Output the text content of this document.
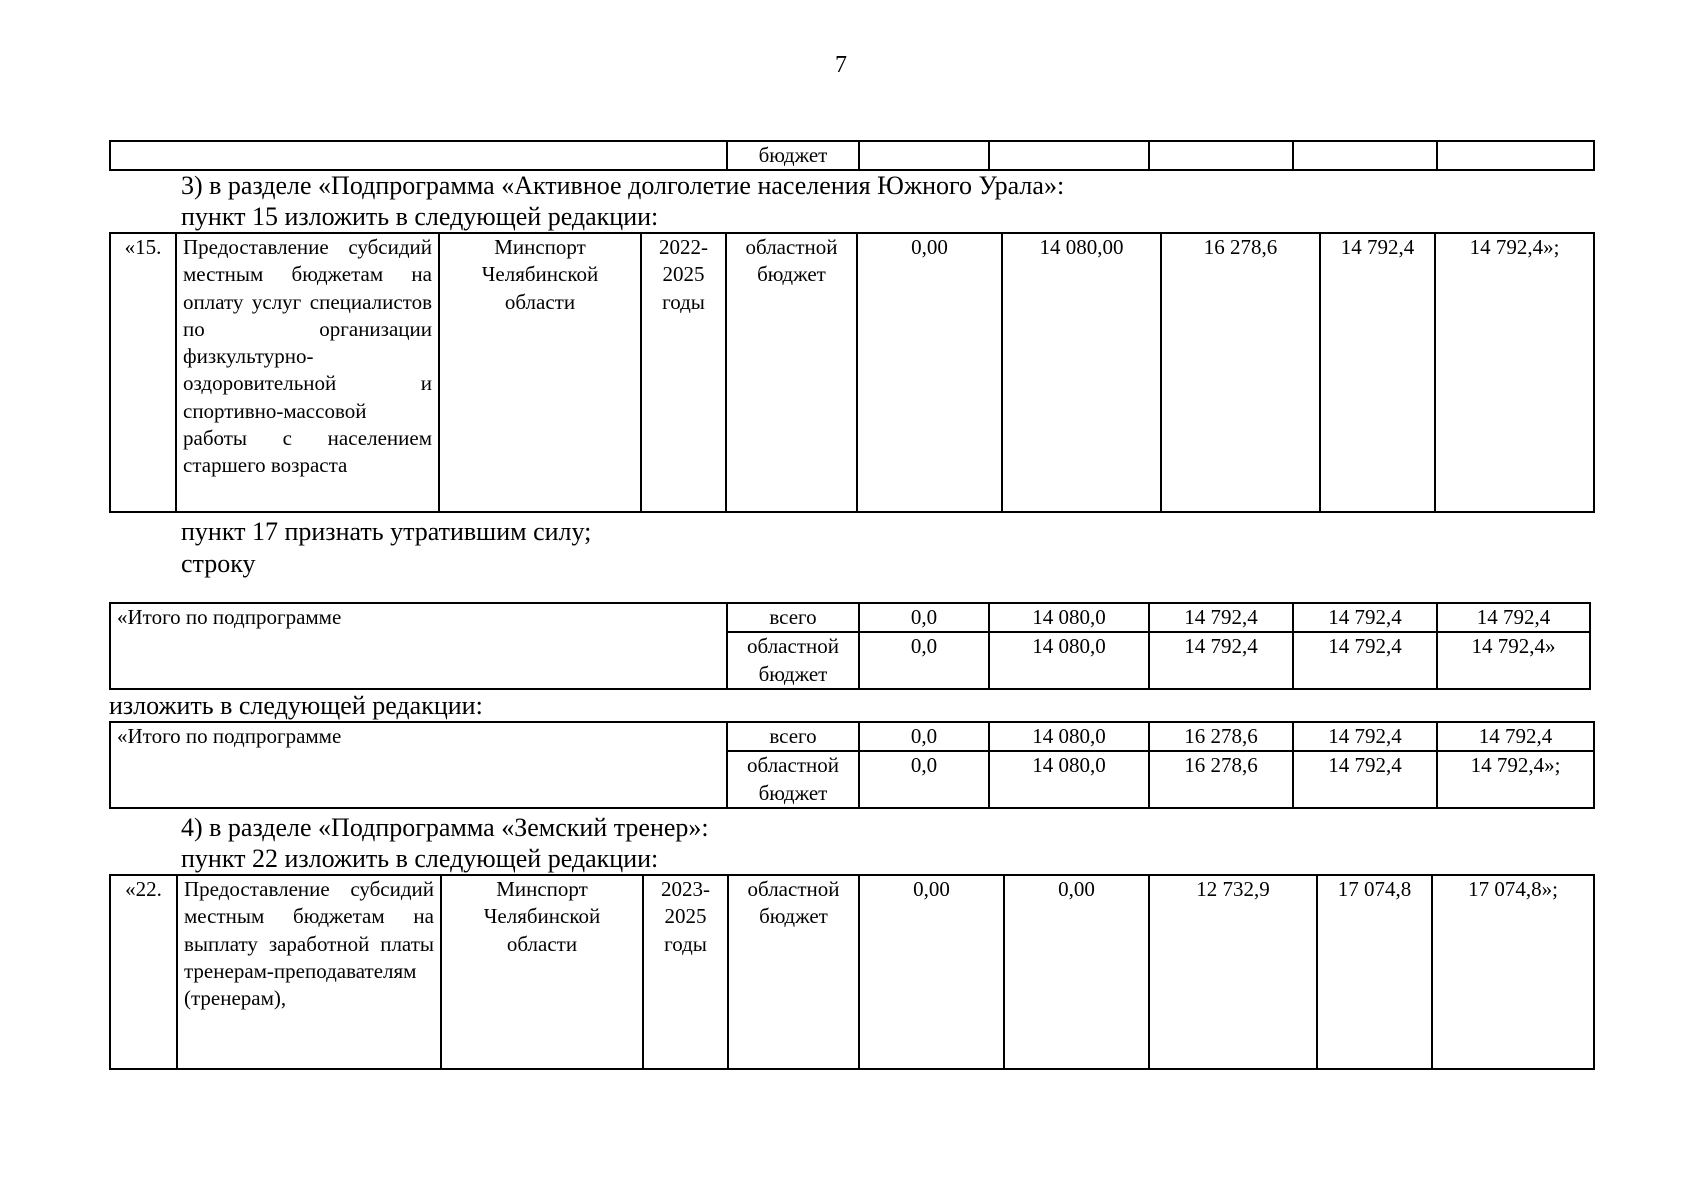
7
	бюджет					
3) в разделе «Подпрограмма «Активное долголетие населения Южного Урала»:
пункт 15 изложить в следующей редакции:
«15.	Предоставление субсидий местным бюджетам на оплату услуг специалистов по организации физкультурно-оздоровительной и спортивно-массовой работы с населением старшего возраста	Минспорт Челябинской области	2022-2025 годы	областной бюджет	0,00	14 080,00	16 278,6	14 792,4	14 792,4»;
пункт 17 признать утратившим силу;
строку
«Итого по подпрограмме	всего	0,0	14 080,0	14 792,4	14 792,4	14 792,4
	областной бюджет	0,0	14 080,0	14 792,4	14 792,4	14 792,4»
изложить в следующей редакции:
«Итого по подпрограмме	всего	0,0	14 080,0	16 278,6	14 792,4	14 792,4
	областной бюджет	0,0	14 080,0	16 278,6	14 792,4	14 792,4»;
4) в разделе «Подпрограмма «Земский тренер»:
пункт 22 изложить в следующей редакции:
«22.	Предоставление субсидий местным бюджетам на выплату заработной платы тренерам-преподавателям (тренерам),	Минспорт Челябинской области	2023-2025 годы	областной бюджет	0,00	0,00	12 732,9	17 074,8	17 074,8»;
